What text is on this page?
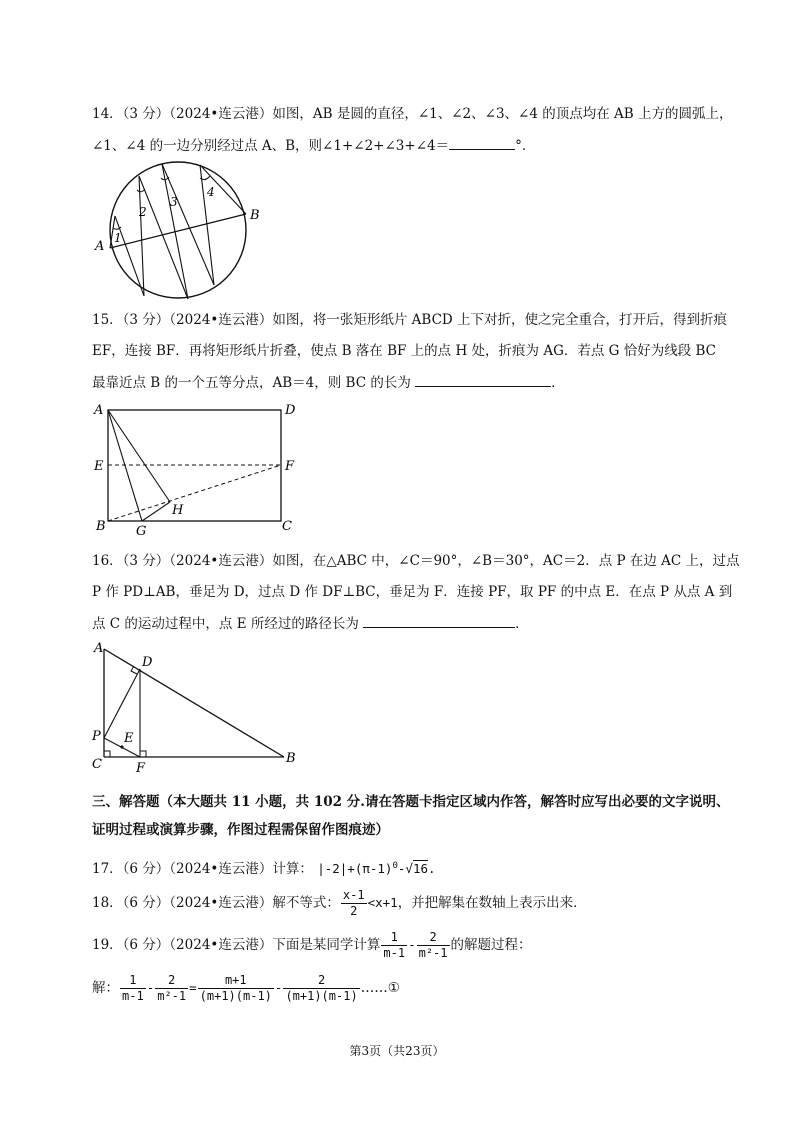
14．（3 分）（2024•连云港）如图，AB 是圆的直径，∠1、∠2、∠3、∠4 的顶点均在 AB 上方的圆弧上，
∠1、∠4 的一边分别经过点 A、B，则∠1+∠2+∠3+∠4＝	°．
1
2
3
4
A
B
15．（3 分）（2024•连云港）如图，将一张矩形纸片 ABCD 上下对折，使之完全重合，打开后，得到折痕
EF，连接 BF．再将矩形纸片折叠，使点 B 落在 BF 上的点 H 处，折痕为 AG．若点 G 恰好为线段 BC
最靠近点 B 的一个五等分点，AB＝4，则 BC 的长为	．
A	D
E	F
H
B G	C
16．（3 分）（2024•连云港）如图，在△ABC 中，∠C＝90°，∠B＝30°，AC＝2．点 P 在边 AC 上，过点
P 作 PD⊥AB，垂足为 D，过点 D 作 DF⊥BC，垂足为 F．连接 PF，取 PF 的中点 E．在点 P 从点 A 到
点 C 的运动过程中，点 E 所经过的路径长为	．
A
D
P E
C	F
B
三、解答题（本大题共 11 小题，共 102 分.请在答题卡指定区域内作答，解答时应写出必要的文字说明、
证明过程或演算步骤，作图过程需保留作图痕迹）
17．（6 分）（2024•连云港）计算： $|-2|+(\pi-1)^0-√16$.
18．（6 分）（2024•连云港）解不等式： $\frac{x-1}{2} <x+1$，并把解集在数轴上表示出来．
19．（6 分）（2024•连云港）下面是某同学计算 $\frac{1}{m-1} - \frac{2}{\text{m²-1}}$ 的解题过程：
解： $\frac{1}{m-1} - \frac{2}{\text{m²-1}} = \frac{m+1}{(m+1)(m-1)} - \frac{2}{(m+1)(m-1)}$ ……①
第3页（共23页）
